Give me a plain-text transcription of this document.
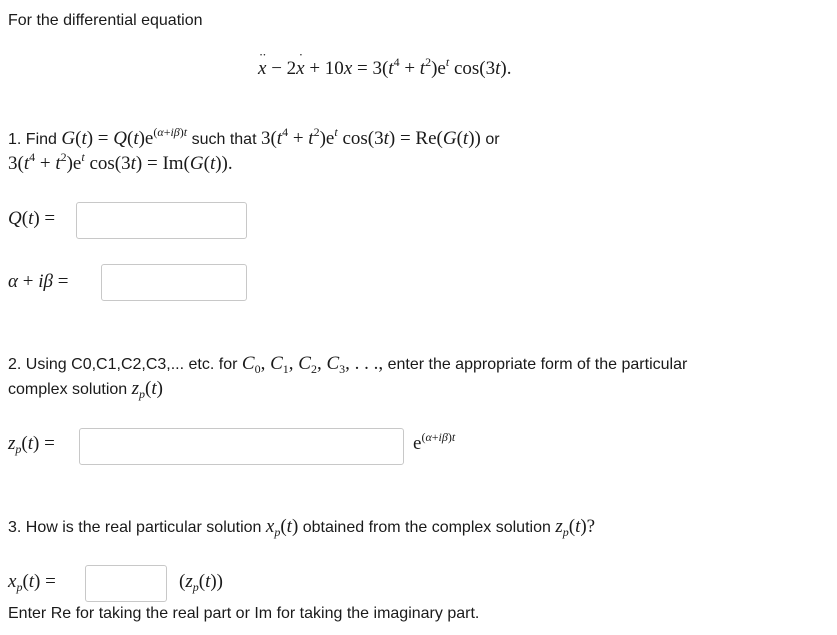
For the differential equation
x ·· − 2x · + $10x = 3(t^4 + t^2)e^t$ cos(3t).
1. Find $G(t) = Q(t)e^{(\alpha+i\beta)t}$ such that $3(t^4 + t^2)e^t$ cos(3t) = Re(G(t)) or
$3(t^4 + t^2)e^t$ cos(3t) = Im(G(t)).
Q(t) =
α + iβ =
2. Using C0,C1,C2,C3,... etc. for $C_0$, $C_1$, $C_2$, $C_3$, . . ., enter the appropriate form of the particular
complex solution $z_p(t)$
$z_p(t)$ =	$e^{(\alpha+i\beta)t}$
3. How is the real particular solution $x_p(t)$ obtained from the complex solution $z_p(t)$?
$x_p(t)$ =	$(z_p(t))$
Enter Re for taking the real part or Im for taking the imaginary part.
